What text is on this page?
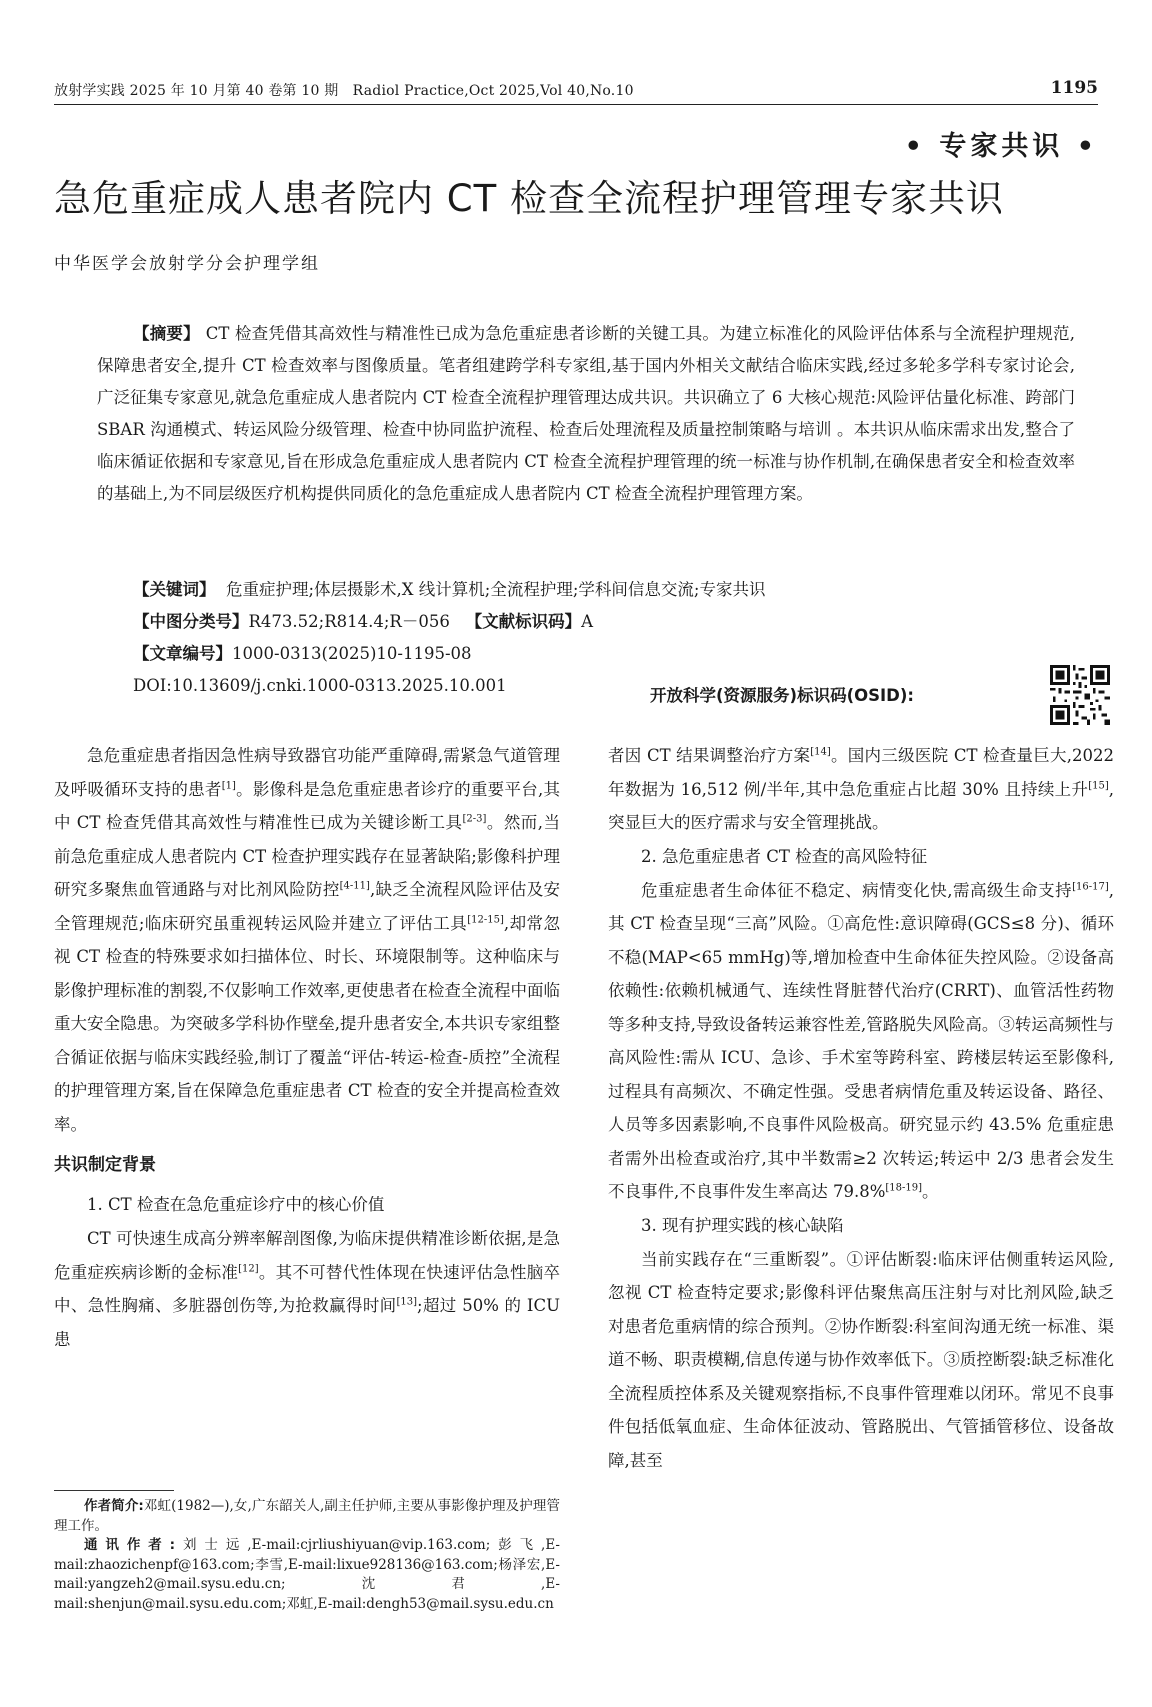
放射学实践 2025 年 10 月第 40 卷第 10 期　Radiol Practice,Oct 2025,Vol 40,No.10	1195
• 专家共识 •
急危重症成人患者院内 CT 检查全流程护理管理专家共识
中华医学会放射学分会护理学组
【摘要】 CT 检查凭借其高效性与精准性已成为急危重症患者诊断的关键工具。为建立标准化的风险评估体系与全流程护理规范,保障患者安全,提升 CT 检查效率与图像质量。笔者组建跨学科专家组,基于国内外相关文献结合临床实践,经过多轮多学科专家讨论会,广泛征集专家意见,就急危重症成人患者院内 CT 检查全流程护理管理达成共识。共识确立了 6 大核心规范:风险评估量化标准、跨部门 SBAR 沟通模式、转运风险分级管理、检查中协同监护流程、检查后处理流程及质量控制策略与培训 。本共识从临床需求出发,整合了临床循证依据和专家意见,旨在形成急危重症成人患者院内 CT 检查全流程护理管理的统一标准与协作机制,在确保患者安全和检查效率的基础上,为不同层级医疗机构提供同质化的急危重症成人患者院内 CT 检查全流程护理管理方案。
【关键词】 危重症护理;体层摄影术,X 线计算机;全流程护理;学科间信息交流;专家共识
【中图分类号】R473.52;R814.4;R－056 【文献标识码】A
【文章编号】1000-0313(2025)10-1195-08
DOI:10.13609/j.cnki.1000-0313.2025.10.001
开放科学(资源服务)标识码(OSID):

急危重症患者指因急性病导致器官功能严重障碍,需紧急气道管理及呼吸循环支持的患者[1]。影像科是急危重症患者诊疗的重要平台,其中 CT 检查凭借其高效性与精准性已成为关键诊断工具[2-3]。然而,当前急危重症成人患者院内 CT 检查护理实践存在显著缺陷;影像科护理研究多聚焦血管通路与对比剂风险防控[4-11],缺乏全流程风险评估及安全管理规范;临床研究虽重视转运风险并建立了评估工具[12-15],却常忽视 CT 检查的特殊要求如扫描体位、时长、环境限制等。这种临床与影像护理标准的割裂,不仅影响工作效率,更使患者在检查全流程中面临重大安全隐患。为突破多学科协作壁垒,提升患者安全,本共识专家组整合循证依据与临床实践经验,制订了覆盖“评估-转运-检查-质控”全流程的护理管理方案,旨在保障急危重症患者 CT 检查的安全并提高检查效率。

共识制定背景
1. CT 检查在急危重症诊疗中的核心价值

CT 可快速生成高分辨率解剖图像,为临床提供精准诊断依据,是急危重症疾病诊断的金标准[12]。其不可替代性体现在快速评估急性脑卒中、急性胸痛、多脏器创伤等,为抢救赢得时间[13];超过 50% 的 ICU 患

者因 CT 结果调整治疗方案[14]。国内三级医院 CT 检查量巨大,2022 年数据为 16,512 例/半年,其中急危重症占比超 30% 且持续上升[15],突显巨大的医疗需求与安全管理挑战。

2. 急危重症患者 CT 检查的高风险特征

危重症患者生命体征不稳定、病情变化快,需高级生命支持[16-17],其 CT 检查呈现“三高”风险。①高危性:意识障碍(GCS≤8 分)、循环不稳(MAP<65 mmHg)等,增加检查中生命体征失控风险。②设备高依赖性:依赖机械通气、连续性肾脏替代治疗(CRRT)、血管活性药物等多种支持,导致设备转运兼容性差,管路脱失风险高。③转运高频性与高风险性:需从 ICU、急诊、手术室等跨科室、跨楼层转运至影像科,过程具有高频次、不确定性强。受患者病情危重及转运设备、路径、人员等多因素影响,不良事件风险极高。研究显示约 43.5% 危重症患者需外出检查或治疗,其中半数需≥2 次转运;转运中 2/3 患者会发生不良事件,不良事件发生率高达 79.8%[18-19]。

3. 现有护理实践的核心缺陷

当前实践存在“三重断裂”。①评估断裂:临床评估侧重转运风险,忽视 CT 检查特定要求;影像科评估聚焦高压注射与对比剂风险,缺乏对患者危重病情的综合预判。②协作断裂:科室间沟通无统一标准、渠道不畅、职责模糊,信息传递与协作效率低下。③质控断裂:缺乏标准化全流程质控体系及关键观察指标,不良事件管理难以闭环。常见不良事件包括低氧血症、生命体征波动、管路脱出、气管插管移位、设备故障,甚至

作者简介:邓虹(1982—),女,广东韶关人,副主任护师,主要从事影像护理及护理管理工作。
通讯作者:刘士远,E-mail:cjrliushiyuan@vip.163.com;彭飞,E-mail:zhaozichenpf@163.com;李雪,E-mail:lixue928136@163.com;杨泽宏,E-mail:yangzeh2@mail.sysu.edu.cn;沈君,E-mail:shenjun@mail.sysu.edu.com;邓虹,E-mail:dengh53@mail.sysu.edu.cn
